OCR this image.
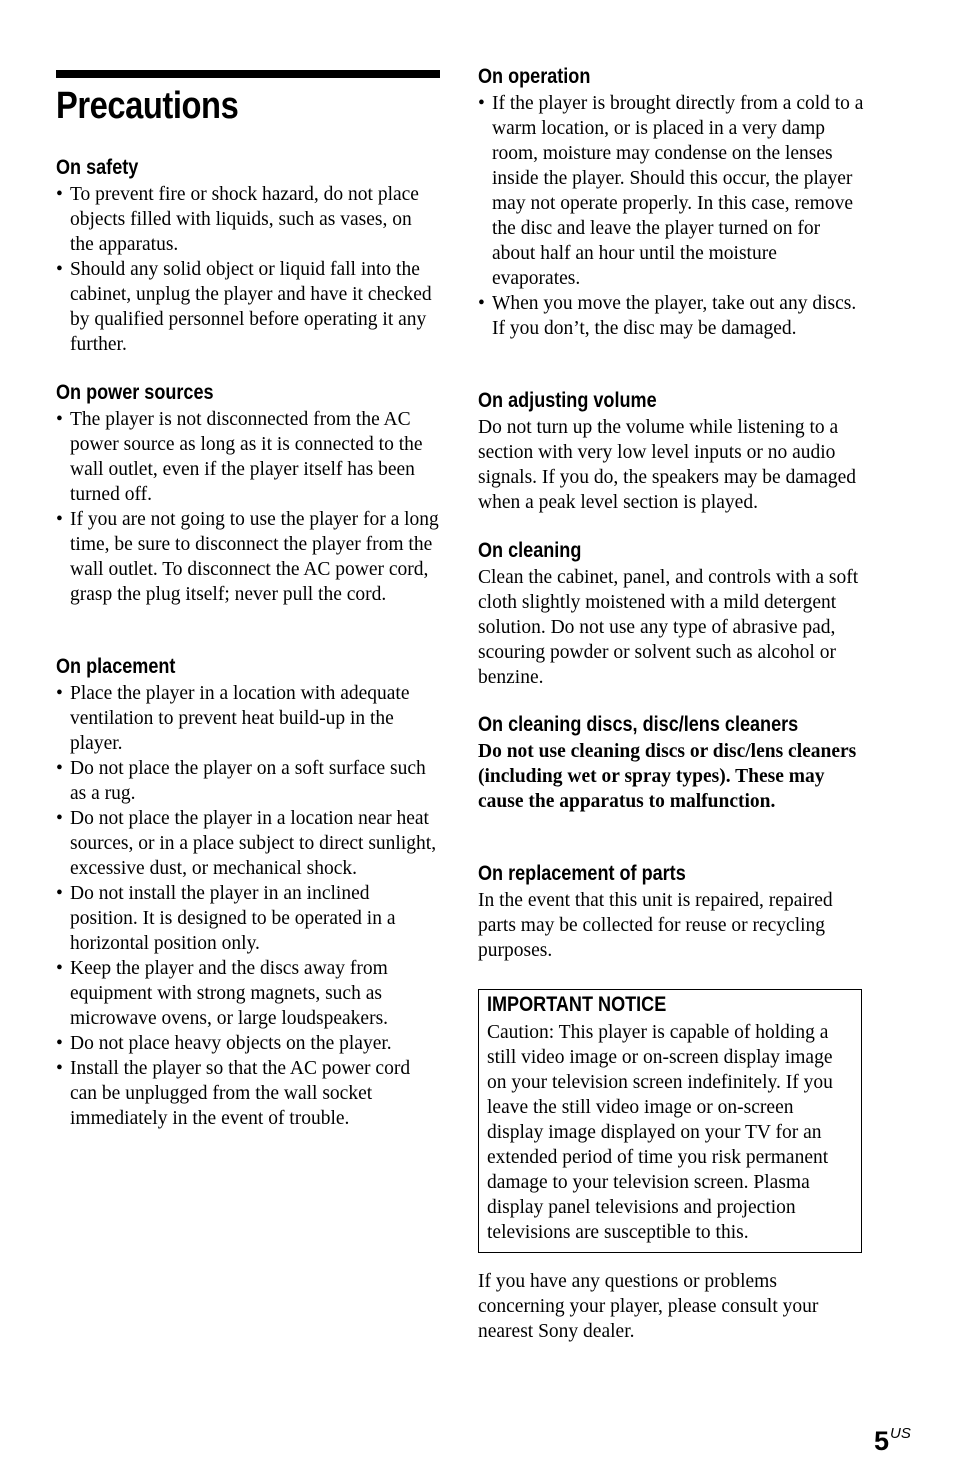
Precautions
On safety
• To prevent fire or shock hazard, do not place objects filled with liquids, such as vases, on the apparatus.
• Should any solid object or liquid fall into the cabinet, unplug the player and have it checked by qualified personnel before operating it any further.
On power sources
• The player is not disconnected from the AC power source as long as it is connected to the wall outlet, even if the player itself has been turned off.
• If you are not going to use the player for a long time, be sure to disconnect the player from the wall outlet. To disconnect the AC power cord, grasp the plug itself; never pull the cord.
On placement
• Place the player in a location with adequate ventilation to prevent heat build-up in the player.
• Do not place the player on a soft surface such as a rug.
• Do not place the player in a location near heat sources, or in a place subject to direct sunlight, excessive dust, or mechanical shock.
• Do not install the player in an inclined position. It is designed to be operated in a horizontal position only.
• Keep the player and the discs away from equipment with strong magnets, such as microwave ovens, or large loudspeakers.
• Do not place heavy objects on the player.
• Install the player so that the AC power cord can be unplugged from the wall socket immediately in the event of trouble.
On operation
• If the player is brought directly from a cold to a warm location, or is placed in a very damp room, moisture may condense on the lenses inside the player. Should this occur, the player may not operate properly. In this case, remove the disc and leave the player turned on for about half an hour until the moisture evaporates.
• When you move the player, take out any discs. If you don’t, the disc may be damaged.
On adjusting volume

Do not turn up the volume while listening to a section with very low level inputs or no audio signals. If you do, the speakers may be damaged when a peak level section is played.

On cleaning

Clean the cabinet, panel, and controls with a soft cloth slightly moistened with a mild detergent solution. Do not use any type of abrasive pad, scouring powder or solvent such as alcohol or benzine.

On cleaning discs, disc/lens cleaners

Do not use cleaning discs or disc/lens cleaners (including wet or spray types). These may cause the apparatus to malfunction.

On replacement of parts

In the event that this unit is repaired, repaired parts may be collected for reuse or recycling purposes.

IMPORTANT NOTICE

Caution: This player is capable of holding a still video image or on-screen display image on your television screen indefinitely. If you leave the still video image or on-screen display image displayed on your TV for an extended period of time you risk permanent damage to your television screen. Plasma display panel televisions and projection televisions are susceptible to this.

If you have any questions or problems concerning your player, please consult your nearest Sony dealer.

5US
